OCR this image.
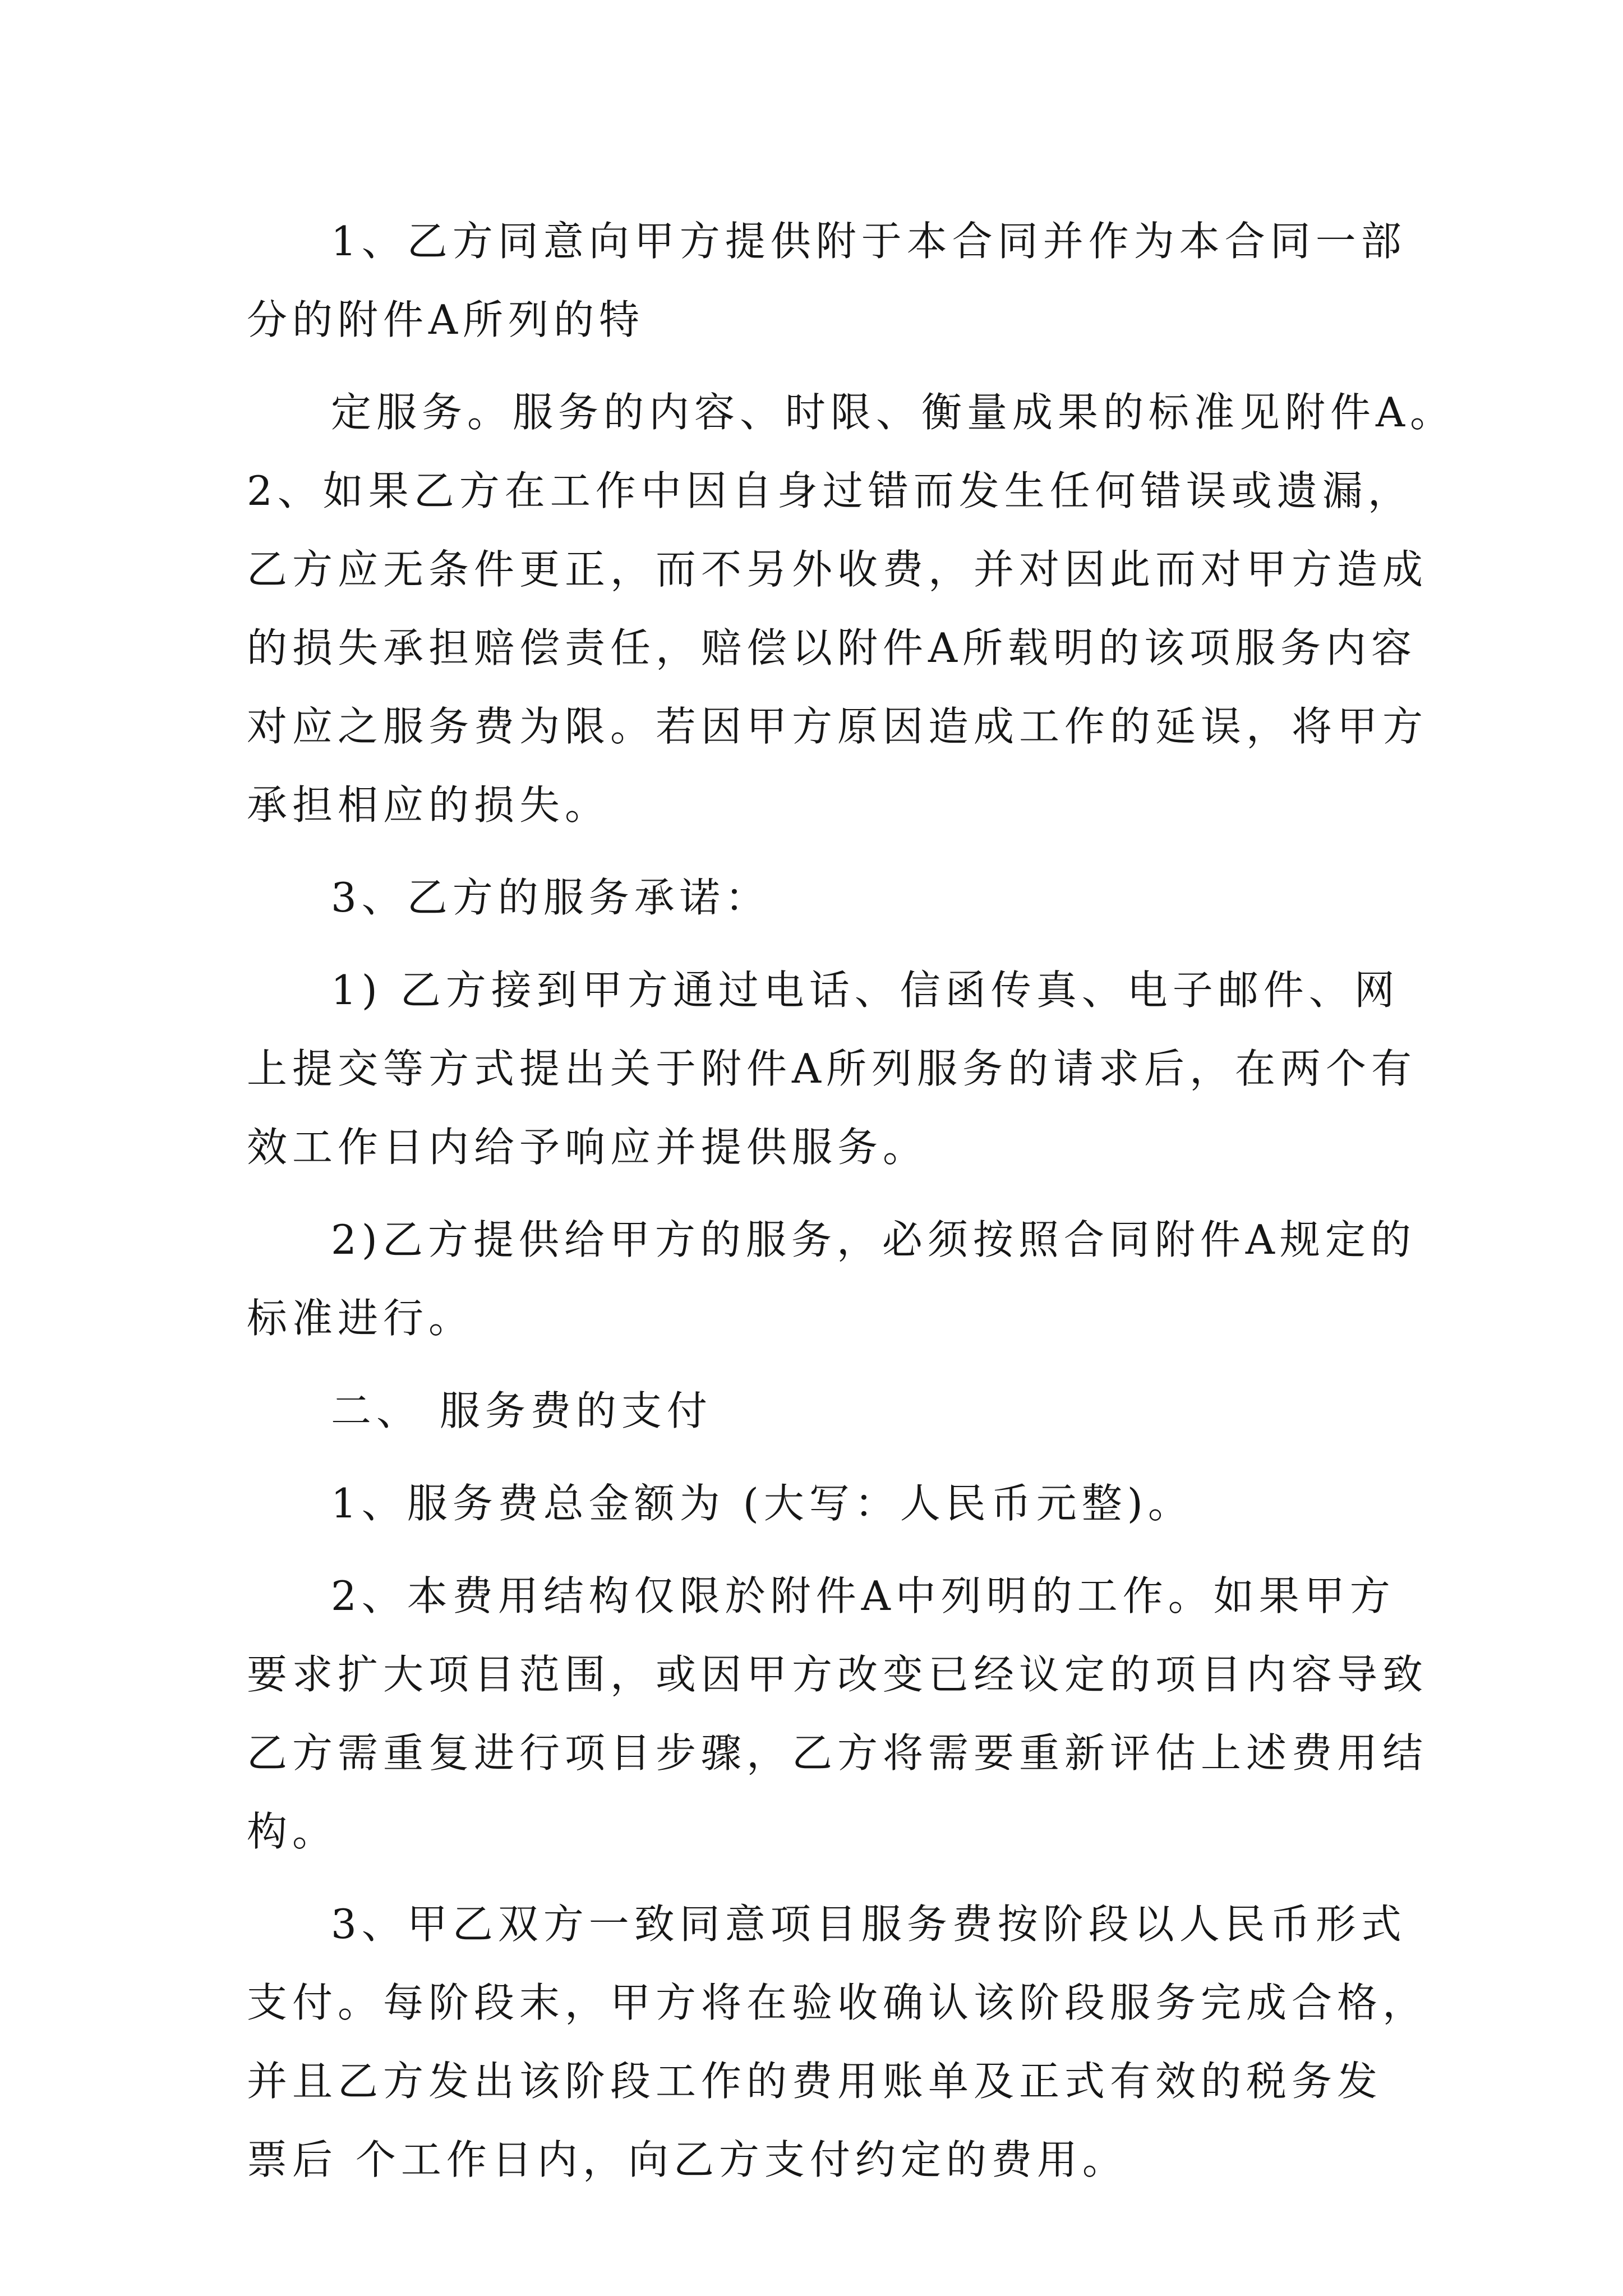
1、乙方同意向甲方提供附于本合同并作为本合同一部
分的附件A所列的特
定服务。服务的内容、时限、衡量成果的标准见附件A。
2、如果乙方在工作中因自身过错而发生任何错误或遗漏，
乙方应无条件更正，而不另外收费，并对因此而对甲方造成
的损失承担赔偿责任，赔偿以附件A所载明的该项服务内容
对应之服务费为限。若因甲方原因造成工作的延误，将甲方
承担相应的损失。
3、乙方的服务承诺：
1) 乙方接到甲方通过电话、信函传真、电子邮件、网
上提交等方式提出关于附件A所列服务的请求后，在两个有
效工作日内给予响应并提供服务。
2)乙方提供给甲方的服务，必须按照合同附件A规定的
标准进行。
二、 服务费的支付
1、服务费总金额为 (大写：人民币元整)。
2、本费用结构仅限於附件A中列明的工作。如果甲方
要求扩大项目范围，或因甲方改变已经议定的项目内容导致
乙方需重复进行项目步骤，乙方将需要重新评估上述费用结
构。
3、甲乙双方一致同意项目服务费按阶段以人民币形式
支付。每阶段末，甲方将在验收确认该阶段服务完成合格，
并且乙方发出该阶段工作的费用账单及正式有效的税务发
票后 个工作日内，向乙方支付约定的费用。
